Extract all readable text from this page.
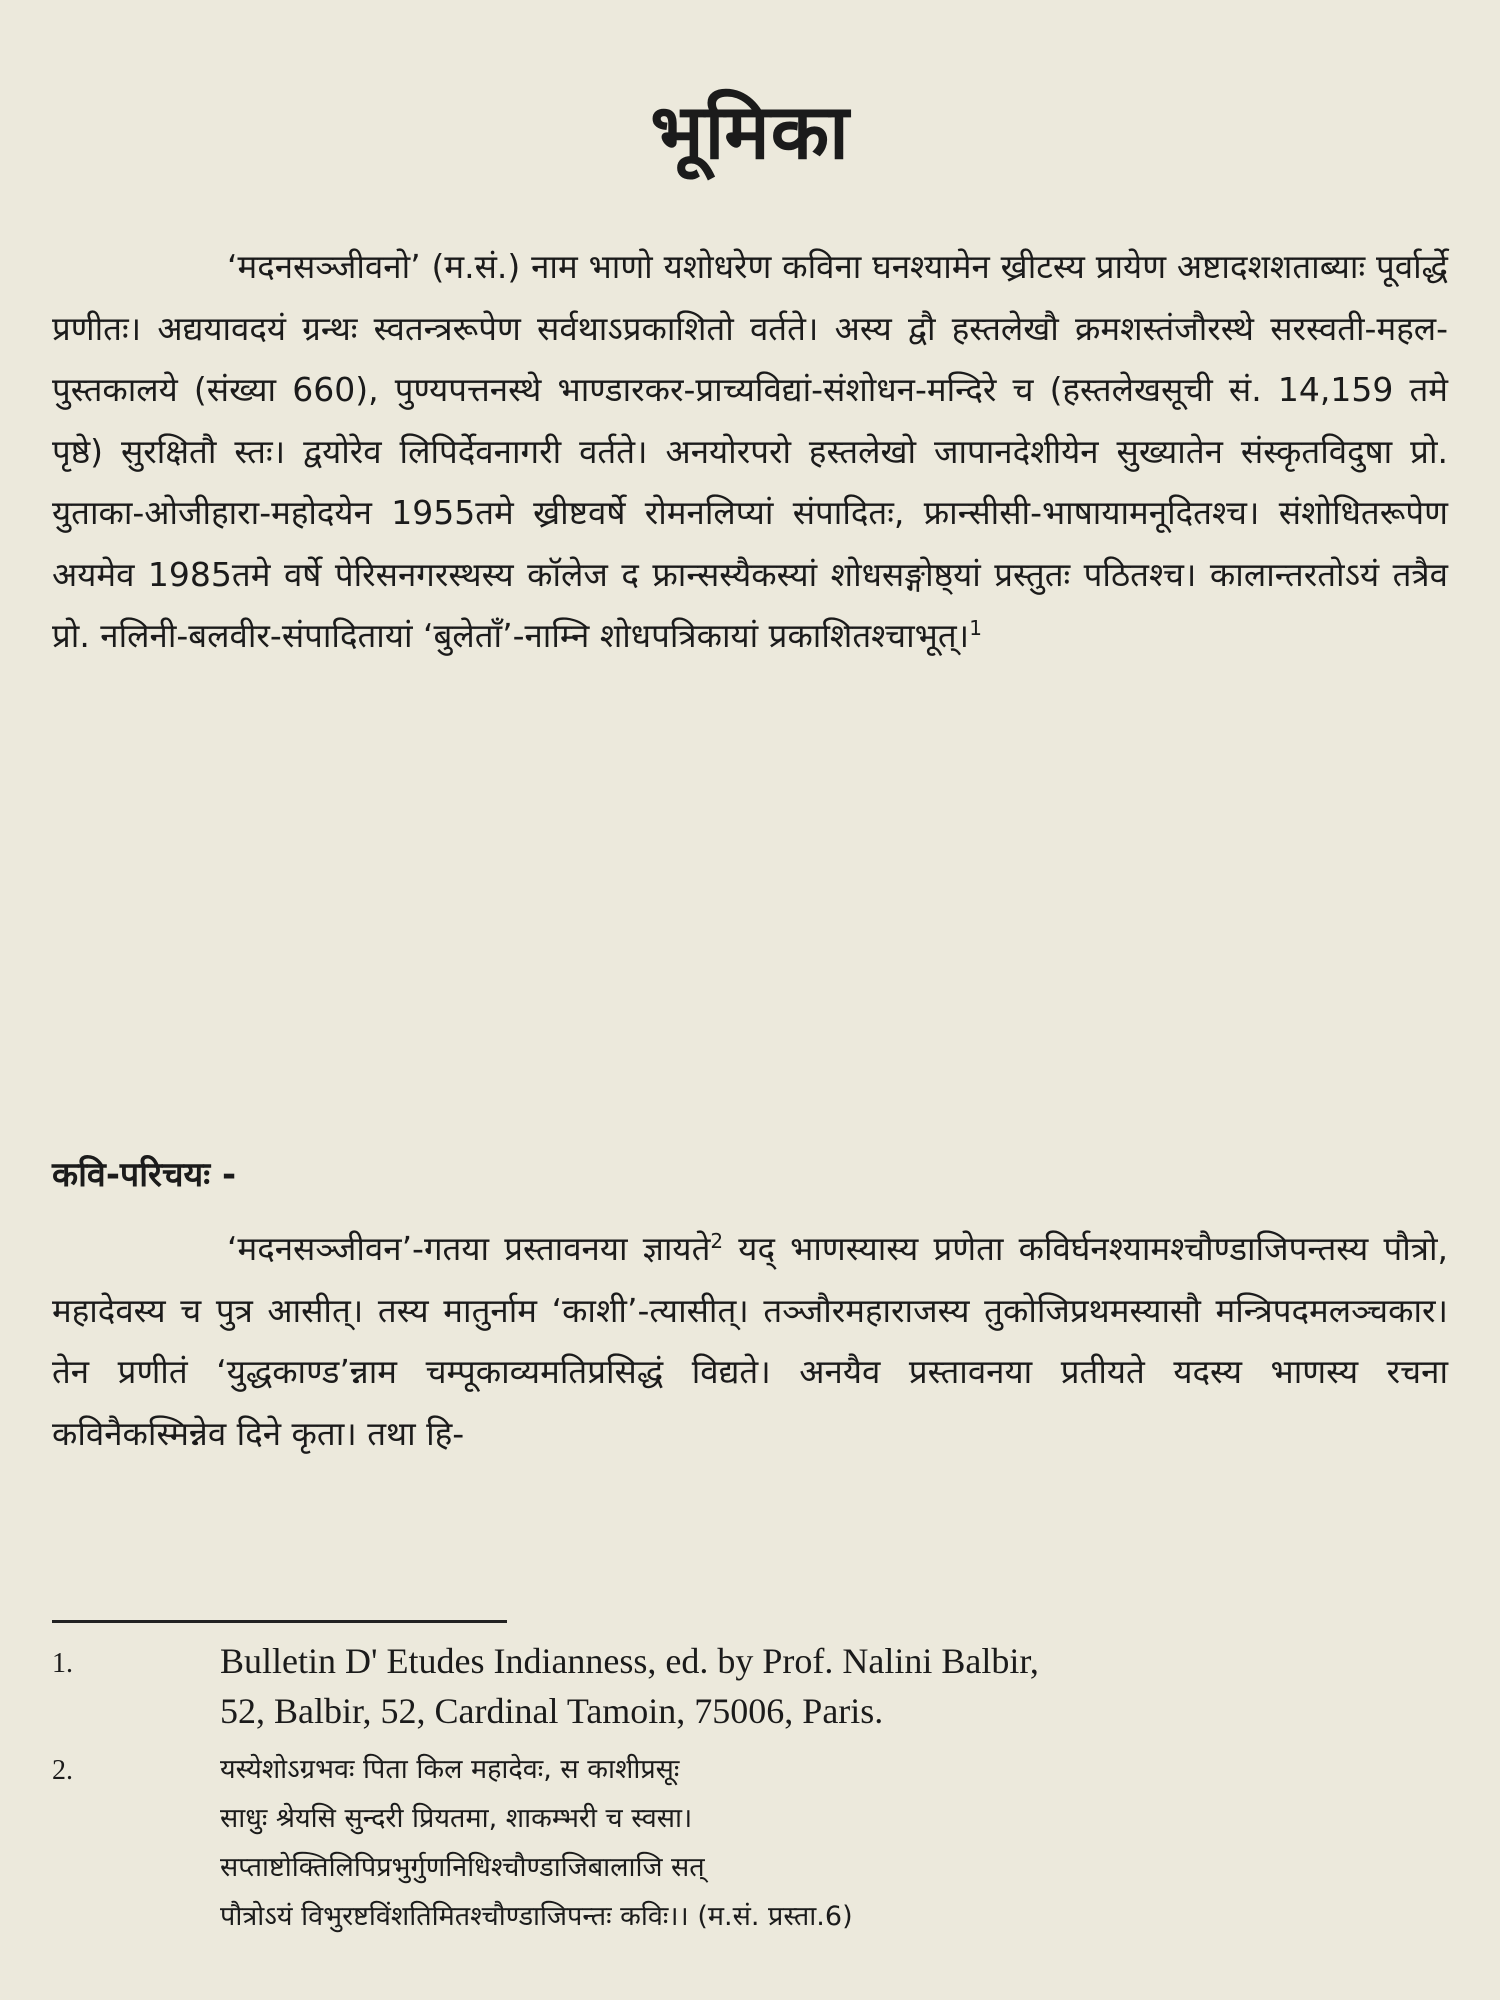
भूमिका
‘मदनसञ्जीवनो’ (म.सं.) नाम भाणो यशोधरेण कविना घनश्यामेन ख्रीटस्य प्रायेण अष्टादशशताब्याः पूर्वार्द्धे प्रणीतः। अद्ययावदयं ग्रन्थः स्वतन्त्ररूपेण सर्वथाऽप्रकाशितो वर्तते। अस्य द्वौ हस्तलेखौ क्रमशस्तंजौरस्थे सरस्वती-महल-पुस्तकालये (संख्या 660), पुण्यपत्तनस्थे भाण्डारकर-प्राच्यविद्यां-संशोधन-मन्दिरे च (हस्तलेखसूची सं. 14,159 तमे पृष्ठे) सुरक्षितौ स्तः। द्वयोरेव लिपिर्देवनागरी वर्तते। अनयोरपरो हस्तलेखो जापानदेशीयेन सुख्यातेन संस्कृतविदुषा प्रो. युताका-ओजीहारा-महोदयेन 1955तमे ख्रीष्टवर्षे रोमनलिप्यां संपादितः, फ्रान्सीसी-भाषायामनूदितश्च। संशोधितरूपेण अयमेव 1985तमे वर्षे पेरिसनगरस्थस्य कॉलेज द फ्रान्सस्यैकस्यां शोधसङ्गोष्ठ्यां प्रस्तुतः पठितश्च। कालान्तरतोऽयं तत्रैव प्रो. नलिनी-बलवीर-संपादितायां ‘बुलेताँ’-नाम्नि शोधपत्रिकायां प्रकाशितश्चाभूत्।$^1$
कवि-परिचयः -
‘मदनसञ्जीवन’-गतया प्रस्तावनया ज्ञायते$^2$ यद् भाणस्यास्य प्रणेता कविर्घनश्यामश्चौण्डाजिपन्तस्य पौत्रो, महादेवस्य च पुत्र आसीत्। तस्य मातुर्नाम ‘काशी’-त्यासीत्। तञ्जौरमहाराजस्य तुकोजिप्रथमस्यासौ मन्त्रिपदमलञ्चकार। तेन प्रणीतं ‘युद्धकाण्ड’न्नाम चम्पूकाव्यमतिप्रसिद्धं विद्यते। अनयैव प्रस्तावनया प्रतीयते यदस्य भाणस्य रचना कविनैकस्मिन्नेव दिने कृता। तथा हि-
1.	Bulletin D' Etudes Indianness, ed. by Prof. Nalini Balbir,
52, Balbir, 52, Cardinal Tamoin, 75006, Paris.
2.	यस्येशोऽग्रभवः पिता किल महादेवः, स काशीप्रसूः
साधुः श्रेयसि सुन्दरी प्रियतमा, शाकम्भरी च स्वसा।
सप्ताष्टोक्तिलिपिप्रभुर्गुणनिधिश्चौण्डाजिबालाजि सत्
पौत्रोऽयं विभुरष्टविंशतिमितश्चौण्डाजिपन्तः कविः।। (म.सं. प्रस्ता.6)
